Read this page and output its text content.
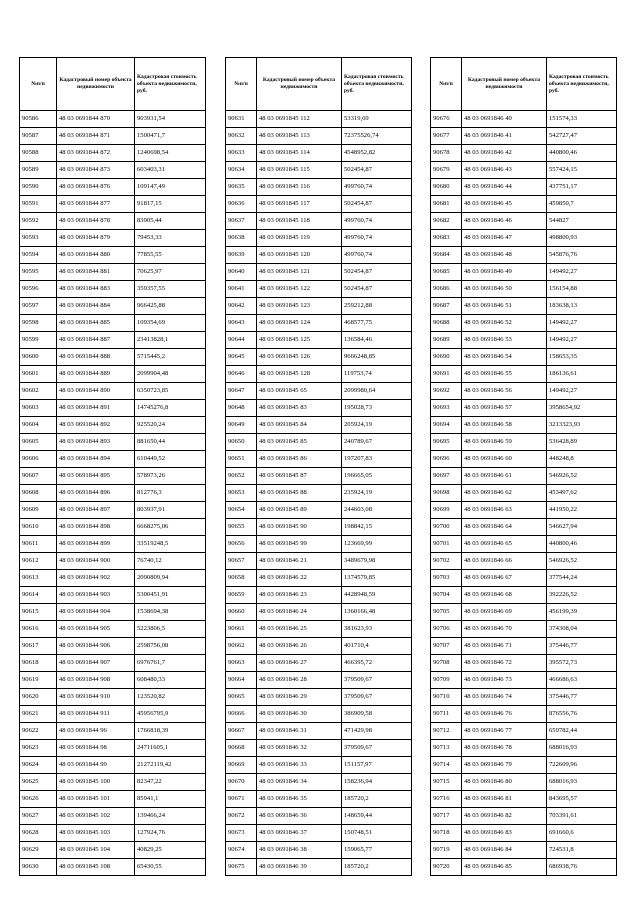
№п/п	Кадастровый номер объекта недвижимости	Кадастровая стоимость объекта недвижимости, руб.
90586	48 03 0691844 870	903931,54
90587	48 03 0691844 871	1500471,7
90588	48 03 0691844 872	1240698,54
90589	48 03 0691844 873	603403,31
90590	48 03 0691844 876	109147,49
90591	48 03 0691844 877	91817,15
90592	48 03 0691844 878	83905,44
90593	48 03 0691844 879	79453,33
90594	48 03 0691844 880	77855,55
90595	48 03 0691844 881	70625,97
90596	48 03 0691844 883	359357,55
90597	48 03 0691844 884	966425,88
90598	48 03 0691844 885	109354,69
90599	48 03 0691844 887	23413828,1
90600	48 03 0691844 888	5715445,2
90601	48 03 0691844 889	2099904,48
90602	48 03 0691844 890	6350723,85
90603	48 03 0691844 891	14745276,8
90604	48 03 0691844 892	925520,24
90605	48 03 0691844 893	881650,44
90606	48 03 0691844 894	610449,52
90607	48 03 0691844 895	578973,26
90608	48 03 0691844 896	812776,3
90609	48 03 0691844 897	803937,91
90610	48 03 0691844 898	6668275,06
90611	48 03 0691844 899	33519248,5
90612	48 03 0691844 900	76740,12
90613	48 03 0691844 902	2090809,94
90614	48 03 0691844 903	5300451,91
90615	48 03 0691844 904	1538694,38
90616	48 03 0691844 905	5223806,5
90617	48 03 0691844 906	2598756,08
90618	48 03 0691844 907	6976761,7
90619	48 03 0691844 908	608480,33
90620	48 03 0691844 910	123520,82
90621	48 03 0691844 911	45956795,9
90622	48 03 0691844 96	1766818,39
90623	48 03 0691844 98	24711605,1
90624	48 03 0691844 99	21272119,42
90625	48 03 0691845 100	82347,22
90626	48 03 0691845 101	85941,1
90627	48 03 0691845 102	139466,24
90628	48 03 0691845 103	127924,76
90629	48 03 0691845 104	40829,25
90630	48 03 0691845 108	65430,55
№п/п	Кадастровый номер объекта недвижимости	Кадастровая стоимость объекта недвижимости, руб.
90631	48 03 0691845 112	53319,69
90632	48 03 0691845 113	72375526,74
90633	48 03 0691845 114	4548952,82
90634	48 03 0691845 115	502454,87
90635	48 03 0691845 116	499760,74
90636	48 03 0691845 117	502454,87
90637	48 03 0691845 118	499760,74
90638	48 03 0691845 119	499760,74
90639	48 03 0691845 120	499760,74
90640	48 03 0691845 121	502454,87
90641	48 03 0691845 122	502454,87
90642	48 03 0691845 123	259212,88
90643	48 03 0691845 124	468577,75
90644	48 03 0691845 125	136584,46
90645	48 03 0691845 126	9666248,85
90646	48 03 0691845 128	119753,74
90647	48 03 0691845 65	2099980,64
90648	48 03 0691845 83	195028,73
90649	48 03 0691845 84	205924,19
90650	48 03 0691845 85	240789,67
90651	48 03 0691845 86	197207,83
90652	48 03 0691845 87	196665,05
90653	48 03 0691845 88	235924,19
90654	48 03 0691845 89	244603,08
90655	48 03 0691845 90	198842,15
90656	48 03 0691845 99	123669,99
90657	48 03 0691846 21	3489679,98
90658	48 03 0691846 22	1374579,85
90659	48 03 0691846 23	4428948,59
90660	48 03 0691846 24	1360166,48
90661	48 03 0691846 25	381623,93
90662	48 03 0691846 26	401710,4
90663	48 03 0691846 27	466395,72
90664	48 03 0691846 28	379509,67
90665	48 03 0691846 29	379509,67
90666	48 03 0691846 30	386909,58
90667	48 03 0691846 31	471429,98
90668	48 03 0691846 32	379509,67
90669	48 03 0691846 33	151157,97
90670	48 03 0691846 34	158236,94
90671	48 03 0691846 35	185720,2
90672	48 03 0691846 36	148659,44
90673	48 03 0691846 37	150748,51
90674	48 03 0691846 38	159065,77
90675	48 03 0691846 39	185720,2
№п/п	Кадастровый номер объекта недвижимости	Кадастровая стоимость объекта недвижимости, руб.
90676	48 03 0691846 40	151574,33
90677	48 03 0691846 41	542727,47
90678	48 03 0691846 42	440800,46
90679	48 03 0691846 43	557424,15
90680	48 03 0691846 44	437751,17
90681	48 03 0691846 45	459850,7
90682	48 03 0691846 46	544827
90683	48 03 0691846 47	498800,93
90684	48 03 0691846 48	545876,76
90685	48 03 0691846 49	149492,27
90686	48 03 0691846 50	156154,88
90687	48 03 0691846 51	183638,13
90688	48 03 0691846 52	149492,27
90689	48 03 0691846 53	149492,27
90690	48 03 0691846 54	158653,35
90691	48 03 0691846 55	186136,61
90692	48 03 0691846 56	149492,27
90693	48 03 0691846 57	3958654,92
90694	48 03 0691846 58	3213323,93
90695	48 03 0691846 59	536428,89
90696	48 03 0691846 60	448248,8
90697	48 03 0691846 61	546926,52
90698	48 03 0691846 62	453497,62
90699	48 03 0691846 63	441950,22
90700	48 03 0691846 64	546627,94
90701	48 03 0691846 65	440800,46
90702	48 03 0691846 66	546926,52
90703	48 03 0691846 67	377544,24
90704	48 03 0691846 68	392226,52
90705	48 03 0691846 69	456199,39
90706	48 03 0691846 70	374308,04
90707	48 03 0691846 71	375446,77
90708	48 03 0691846 72	395572,73
90709	48 03 0691846 73	466686,63
90710	48 03 0691846 74	375446,77
90711	48 03 0691846 76	876556,76
90712	48 03 0691846 77	659782,44
90713	48 03 0691846 78	688016,93
90714	48 03 0691846 79	722609,96
90715	48 03 0691846 80	688016,93
90716	48 03 0691846 81	843695,57
90717	48 03 0691846 82	703391,61
90718	48 03 0691846 83	691660,6
90719	48 03 0691846 84	724531,8
90720	48 03 0691846 85	686938,76
